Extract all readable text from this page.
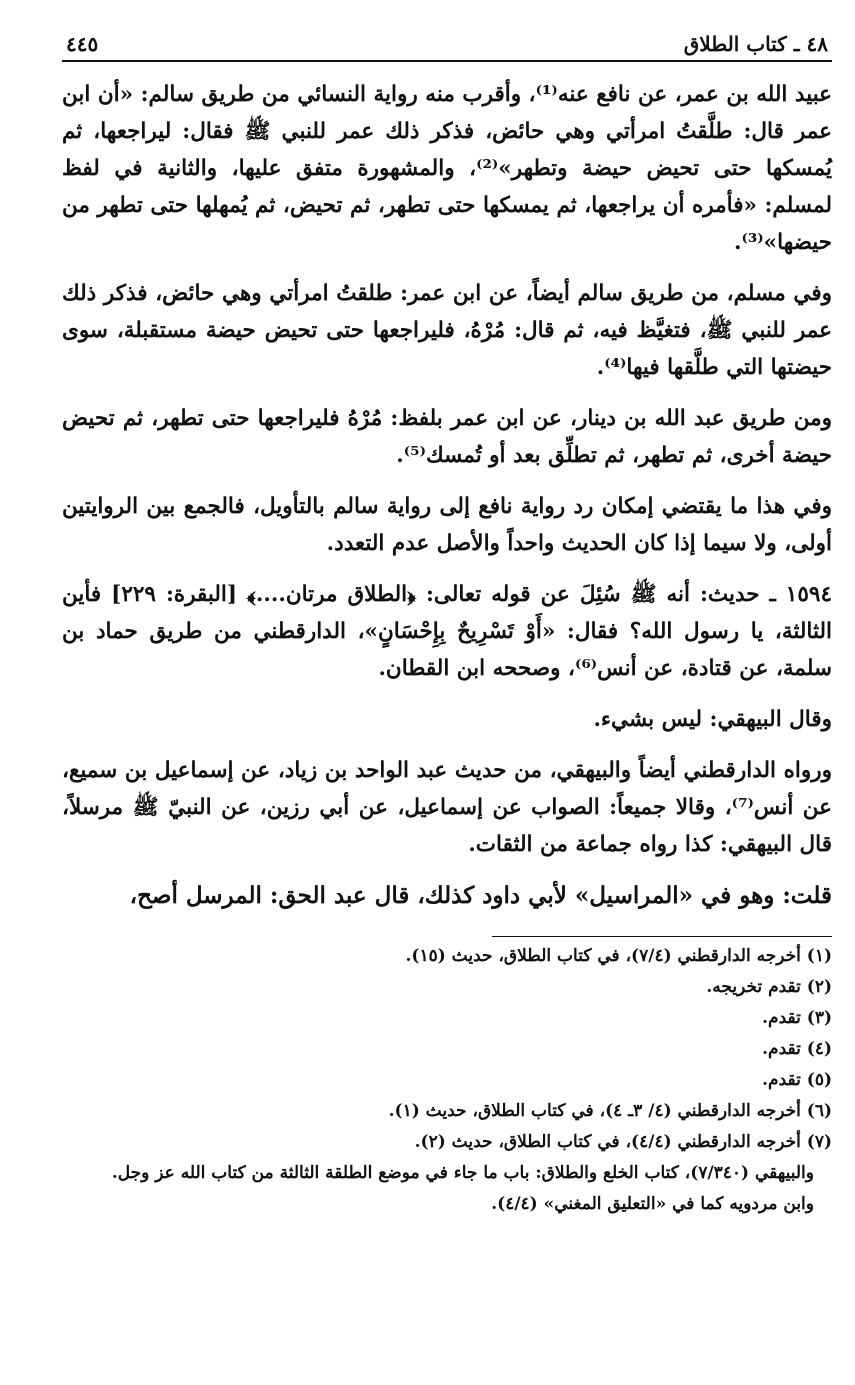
٤٨ ـ كتاب الطلاق
٤٤٥

عبيد الله بن عمر، عن نافع عنه⁽¹⁾، وأقرب منه رواية النسائي من طريق سالم: «أن ابن عمر قال: طلَّقتُ امرأتي وهي حائض، فذكر ذلك عمر للنبي ﷺ فقال: ليراجعها، ثم يُمسكها حتى تحيض حيضة وتطهر»⁽²⁾، والمشهورة متفق عليها، والثانية في لفظ لمسلم: «فأمره أن يراجعها، ثم يمسكها حتى تطهر، ثم تحيض، ثم يُمهلها حتى تطهر من حيضها»⁽³⁾.

وفي مسلم، من طريق سالم أيضاً، عن ابن عمر: طلقتُ امرأتي وهي حائض، فذكر ذلك عمر للنبي ﷺ، فتغيَّظ فيه، ثم قال: مُرْهُ، فليراجعها حتى تحيض حيضة مستقبلة، سوى حيضتها التي طلَّقها فيها⁽⁴⁾.

ومن طريق عبد الله بن دينار، عن ابن عمر بلفظ: مُرْهُ فليراجعها حتى تطهر، ثم تحيض حيضة أخرى، ثم تطهر، ثم تطلِّق بعد أو تُمسك⁽⁵⁾.

وفي هذا ما يقتضي إمكان رد رواية نافع إلى رواية سالم بالتأويل، فالجمع بين الروايتين أولى، ولا سيما إذا كان الحديث واحداً والأصل عدم التعدد.

١٥٩٤ ـ حديث: أنه ﷺ سُئِلَ عن قوله تعالى: ﴿الطلاق مرتان....﴾ [البقرة: ٢٢٩] فأين الثالثة، يا رسول الله؟ فقال: «أَوْ تَسْرِيحٌ بِإِحْسَانٍ»، الدارقطني من طريق حماد بن سلمة، عن قتادة، عن أنس⁽⁶⁾، وصححه ابن القطان.

وقال البيهقي: ليس بشيء.

ورواه الدارقطني أيضاً والبيهقي، من حديث عبد الواحد بن زياد، عن إسماعيل بن سميع، عن أنس⁽⁷⁾، وقالا جميعاً: الصواب عن إسماعيل، عن أبي رزين، عن النبيّ ﷺ مرسلاً، قال البيهقي: كذا رواه جماعة من الثقات.

قلت: وهو في «المراسيل» لأبي داود كذلك، قال عبد الحق: المرسل أصح،

(١) أخرجه الدارقطني (٧/٤)، في كتاب الطلاق، حديث (١٥).

(٢) تقدم تخريجه.

(٣) تقدم.

(٤) تقدم.

(٥) تقدم.

(٦) أخرجه الدارقطني (٤/ ٣ـ ٤)، في كتاب الطلاق، حديث (١).

(٧) أخرجه الدارقطني (٤/٤)، في كتاب الطلاق، حديث (٢).

والبيهقي (٧/٣٤٠)، كتاب الخلع والطلاق: باب ما جاء في موضع الطلقة الثالثة من كتاب الله عز وجل.

وابن مردويه كما في «التعليق المغني» (٤/٤).
